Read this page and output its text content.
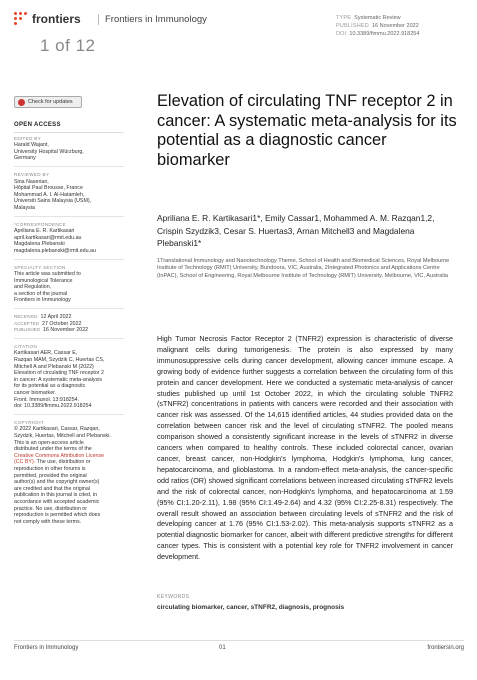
frontiers	Frontiers in Immunology	TYPE Systematic Review
PUBLISHED 16 November 2022
DOI 10.3389/fimmu.2022.918254
1 of 12
Check for updates
OPEN ACCESS
EDITED BY
Harald Wajant,
University Hospital Würzburg,
Germany
REVIEWED BY
Sina Naserian,
Hôpital Paul Brousse, France
Mohammad A. I. Al-Hatamleh,
Universiti Sains Malaysia (USM),
Malaysia
*CORRESPONDENCE
Apriliana E. R. Kartikasari
april.kartikasari@rmit.edu.au
Magdalena Plebanski
magdalena.plebanski@rmit.edu.au
SPECIALTY SECTION
This article was submitted to
Immunological Tolerance
and Regulation,
a section of the journal
Frontiers in Immunology
RECEIVED 12 April 2022
ACCEPTED 27 October 2022
PUBLISHED 16 November 2022
CITATION
Kartikasari AER, Cassar E,
Razqan MAM, Szydzik C, Huertas CS,
Mitchell A and Plebanski M (2022)
Elevation of circulating TNF receptor 2
in cancer: A systematic meta-analysis
for its potential as a diagnostic
cancer biomarker.
Front. Immunol. 13:918254.
doi: 10.3389/fimmu.2022.918254
COPYRIGHT
© 2022 Kartikasari, Cassar, Razqan,
Szydzik, Huertas, Mitchell and Plebanski.
This is an open-access article
distributed under the terms of the
Creative Commons Attribution License
(CC BY). The use, distribution or
reproduction in other forums is
permitted, provided the original
author(s) and the copyright owner(s)
are credited and that the original
publication in this journal is cited, in
accordance with accepted academic
practice. No use, distribution or
reproduction is permitted which does
not comply with these terms.
Elevation of circulating TNF receptor 2 in cancer: A systematic meta-analysis for its potential as a diagnostic cancer biomarker
Apriliana E. R. Kartikasari1*, Emily Cassar1, Mohammed A. M. Razqan1,2, Crispin Szydzik3, Cesar S. Huertas3, Arnan Mitchell3 and Magdalena Plebanski1*
1Translational Immunology and Nanotechnology Theme, School of Health and Biomedical Sciences, Royal Melbourne Institute of Technology (RMIT) University, Bundoora, VIC, Australia, 2Integrated Photonics and Applications Centre (InPAC), School of Engineering, Royal Melbourne Institute of Technology (RMIT) University, Melbourne, VIC, Australia
High Tumor Necrosis Factor Receptor 2 (TNFR2) expression is characteristic of diverse malignant cells during tumorigenesis. The protein is also expressed by many immunosuppressive cells during cancer development, allowing cancer immune escape. A growing body of evidence further suggests a correlation between the circulating form of this protein and cancer development. Here we conducted a systematic meta-analysis of cancer studies published up until 1st October 2022, in which the circulating soluble TNFR2 (sTNFR2) concentrations in patients with cancers were recorded and their association with cancer risk was assessed. Of the 14,615 identified articles, 44 studies provided data on the correlation between cancer risk and the level of circulating sTNFR2. The pooled means comparison showed a consistently significant increase in the levels of sTNFR2 in diverse cancers when compared to healthy controls. These included colorectal cancer, ovarian cancer, breast cancer, non-Hodgkin's lymphoma, Hodgkin's lymphoma, lung cancer, hepatocarcinoma, and glioblastoma. In a random-effect meta-analysis, the cancer-specific odd ratios (OR) showed significant correlations between increased circulating sTNFR2 levels and the risk of colorectal cancer, non-Hodgkin's lymphoma, and hepatocarcinoma at 1.59 (95% CI:1.20-2.11), 1.98 (95% CI:1.49-2.64) and 4.32 (95% CI:2.25-8.31) respectively. The overall result showed an association between circulating levels of sTNFR2 and the risk of developing cancer at 1.76 (95% CI:1.53-2.02). This meta-analysis supports sTNFR2 as a potential diagnostic biomarker for cancer, albeit with different predictive strengths for different cancer types. This is consistent with a potential key role for TNFR2 involvement in cancer development.
KEYWORDS
circulating biomarker, cancer, sTNFR2, diagnosis, prognosis
Frontiers in Immunology	01	frontiersin.org
